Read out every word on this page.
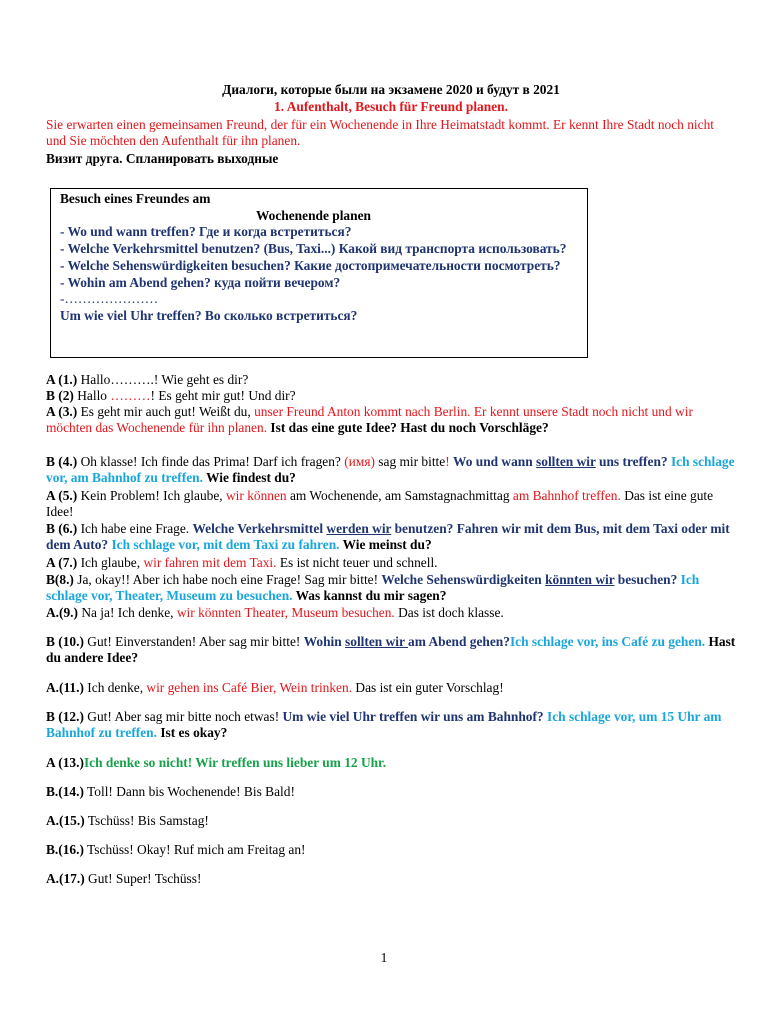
Диалоги, которые были на экзамене 2020 и будут в 2021
1. Aufenthalt, Besuch für Freund planen.
Sie erwarten einen gemeinsamen Freund, der für ein Wochenende in Ihre Heimatstadt kommt. Er kennt Ihre Stadt noch nicht und Sie möchten den Aufenthalt für ihn planen.
Визит друга. Спланировать выходные
Besuch eines Freundes am
Wochenende planen
- Wo und wann treffen? Где и когда встретиться?
- Welche Verkehrsmittel benutzen? (Bus, Taxi...) Какой вид транспорта использовать?
- Welche Sehenswürdigkeiten besuchen? Какие достопримечательности посмотреть?
- Wohin am Abend gehen? куда пойти вечером?
-…………………
Um wie viel Uhr treffen? Во сколько встретиться?
A (1.) Hallo……….! Wie geht es dir?
B (2) Hallo ………! Es geht mir gut! Und dir?
A (3.) Es geht mir auch gut! Weißt du, unser Freund Anton kommt nach Berlin. Er kennt unsere Stadt noch nicht und wir möchten das Wochenende für ihn planen. Ist das eine gute Idee? Hast du noch Vorschläge?
B (4.) Oh klasse! Ich finde das Prima! Darf ich fragen? (имя) sag mir bitte! Wo und wann sollten wir uns treffen? Ich schlage vor, am Bahnhof zu treffen. Wie findest du?
A (5.) Kein Problem! Ich glaube, wir können am Wochenende, am Samstagnachmittag am Bahnhof treffen. Das ist eine gute Idee!
B (6.) Ich habe eine Frage. Welche Verkehrsmittel werden wir benutzen? Fahren wir mit dem Bus, mit dem Taxi oder mit dem Auto? Ich schlage vor, mit dem Taxi zu fahren. Wie meinst du?
A (7.) Ich glaube, wir fahren mit dem Taxi. Es ist nicht teuer und schnell.
B(8.) Ja, okay!! Aber ich habe noch eine Frage! Sag mir bitte! Welche Sehenswürdigkeiten könnten wir besuchen? Ich schlage vor, Theater, Museum zu besuchen. Was kannst du mir sagen?
A.(9.) Na ja! Ich denke, wir könnten Theater, Museum besuchen. Das ist doch klasse.
B (10.) Gut! Einverstanden! Aber sag mir bitte! Wohin sollten wir am Abend gehen?Ich schlage vor, ins Café zu gehen. Hast du andere Idee?
A.(11.) Ich denke, wir gehen ins Café Bier, Wein trinken. Das ist ein guter Vorschlag!
B (12.) Gut! Aber sag mir bitte noch etwas! Um wie viel Uhr treffen wir uns am Bahnhof? Ich schlage vor, um 15 Uhr am Bahnhof zu treffen. Ist es okay?
A (13.)Ich denke so nicht! Wir treffen uns lieber um 12 Uhr.
B.(14.) Toll! Dann bis Wochenende! Bis Bald!
A.(15.) Tschüss! Bis Samstag!
B.(16.) Tschüss! Okay! Ruf mich am Freitag an!
A.(17.) Gut! Super! Tschüss!
1
